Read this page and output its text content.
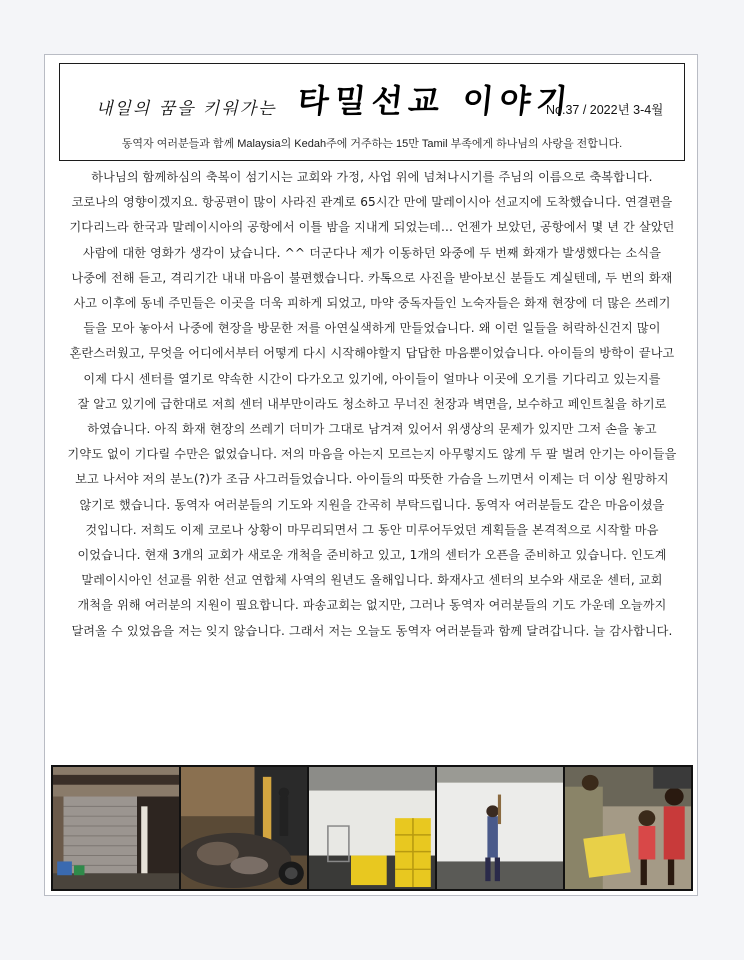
내일의 꿈을 키워가는 타밀선교 이야기
No.37 / 2022년 3-4월
동역자 여러분들과 함께 Malaysia의 Kedah주에 거주하는 15만 Tamil 부족에게 하나님의 사랑을 전합니다.
하나님의 함께하심의 축복이 섬기시는 교회와 가정, 사업 위에 넘쳐나시기를 주님의 이름으로 축복합니다.
코로나의 영향이겠지요. 항공편이 많이 사라진 관계로 65시간 만에 말레이시아 선교지에 도착했습니다. 연결편을
기다리느라 한국과 말레이시아의 공항에서 이틀 밤을 지내게 되었는데... 언젠가 보았던, 공항에서 몇 년 간 살았던
사람에 대한 영화가 생각이 났습니다. ^^ 더군다나 제가 이동하던 와중에 두 번째 화재가 발생했다는 소식을
나중에 전해 듣고, 격리기간 내내 마음이 불편했습니다. 카톡으로 사진을 받아보신 분들도 계실텐데, 두 번의 화재
사고 이후에 동네 주민들은 이곳을 더욱 피하게 되었고, 마약 중독자들인 노숙자들은 화재 현장에 더 많은 쓰레기
들을 모아 놓아서 나중에 현장을 방문한 저를 아연실색하게 만들었습니다. 왜 이런 일들을 허락하신건지 많이
혼란스러웠고, 무엇을 어디에서부터 어떻게 다시 시작해야할지 답답한 마음뿐이었습니다. 아이들의 방학이 끝나고
이제 다시 센터를 열기로 약속한 시간이 다가오고 있기에, 아이들이 얼마나 이곳에 오기를 기다리고 있는지를
잘 알고 있기에 급한대로 저희 센터 내부만이라도 청소하고 무너진 천장과 벽면을, 보수하고 페인트칠을 하기로
하였습니다. 아직 화재 현장의 쓰레기 더미가 그대로 남겨져 있어서 위생상의 문제가 있지만 그저 손을 놓고
기약도 없이 기다릴 수만은 없었습니다. 저의 마음을 아는지 모르는지 아무렇지도 않게 두 팔 벌려 안기는 아이들을
보고 나서야 저의 분노(?)가 조금 사그러들었습니다. 아이들의 따뜻한 가슴을 느끼면서 이제는 더 이상 원망하지
않기로 했습니다. 동역자 여러분들의 기도와 지원을 간곡히 부탁드립니다. 동역자 여러분들도 같은 마음이셨을
것입니다. 저희도 이제 코로나 상황이 마무리되면서 그 동안 미루어두었던 계획들을 본격적으로 시작할 마음
이었습니다. 현재 3개의 교회가 새로운 개척을 준비하고 있고, 1개의 센터가 오픈을 준비하고 있습니다. 인도계
말레이시아인 선교를 위한 선교 연합체 사역의 원년도 올해입니다. 화재사고 센터의 보수와 새로운 센터, 교회
개척을 위해 여러분의 지원이 필요합니다. 파송교회는 없지만, 그러나 동역자 여러분들의 기도 가운데 오늘까지
달려올 수 있었음을 저는 잊지 않습니다. 그래서 저는 오늘도 동역자 여러분들과 함께 달려갑니다. 늘 감사합니다.
